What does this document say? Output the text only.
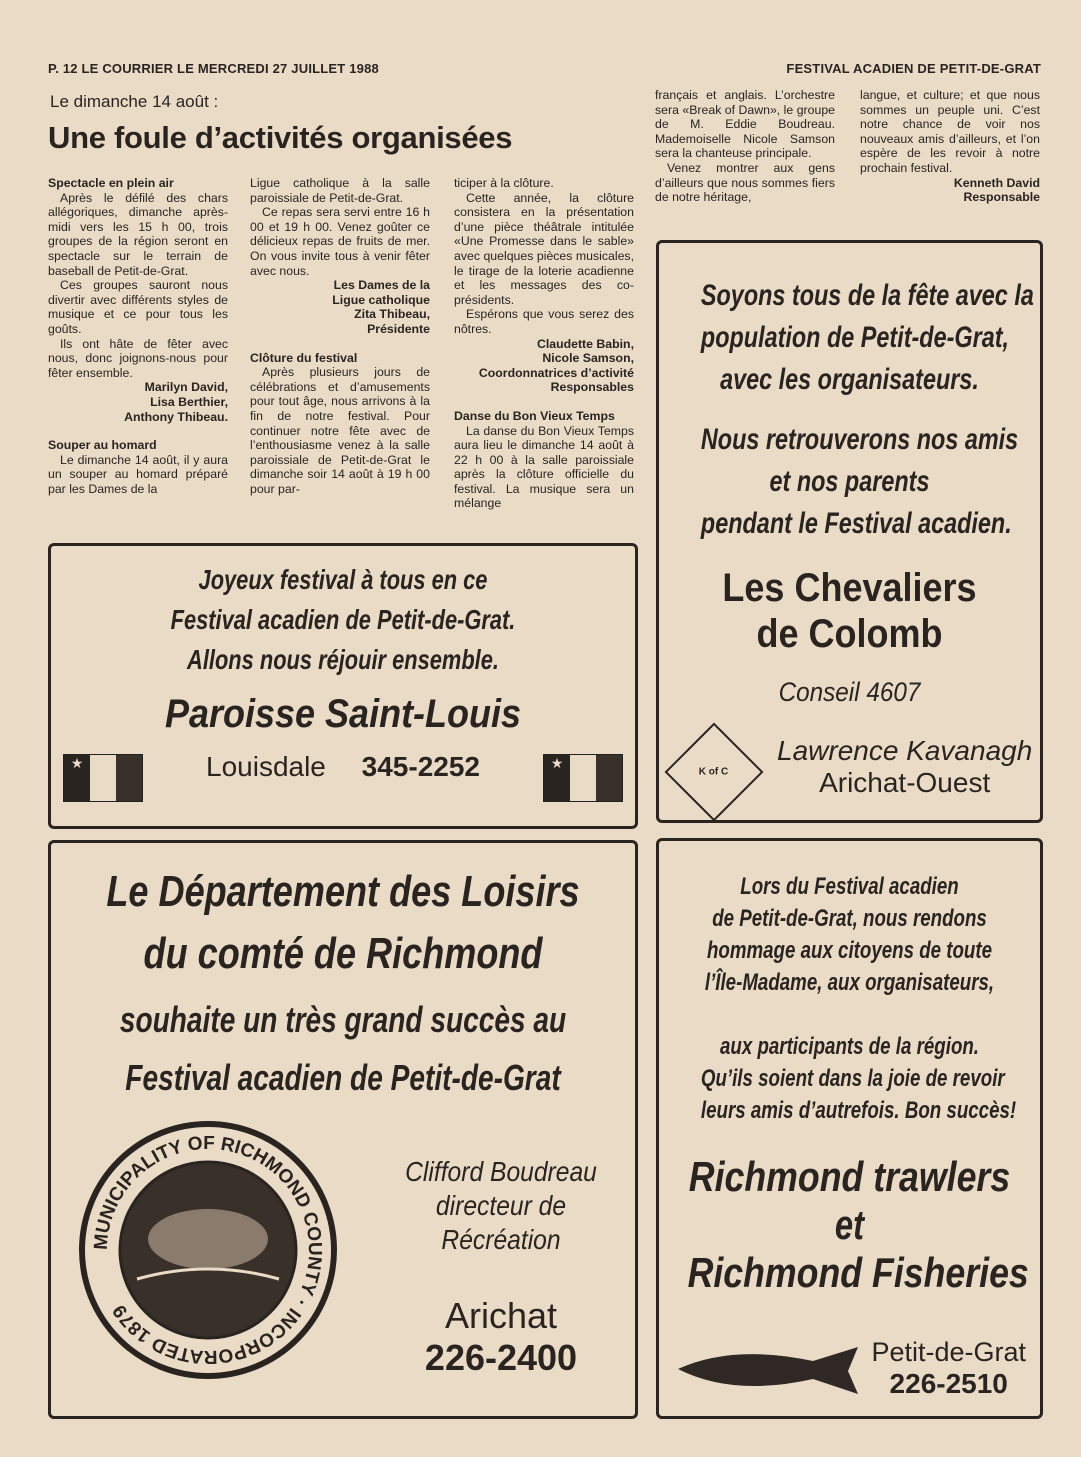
P. 12 LE COURRIER LE MERCREDI 27 JUILLET 1988	FESTIVAL ACADIEN DE PETIT-DE-GRAT
Le dimanche 14 août :
Une foule d’activités organisées
Spectacle en plein air

Après le défilé des chars allégoriques, dimanche après-midi vers les 15 h 00, trois groupes de la région seront en spectacle sur le terrain de baseball de Petit-de-Grat.

Ces groupes sauront nous divertir avec différents styles de musique et ce pour tous les goûts.

Ils ont hâte de fêter avec nous, donc joignons-nous pour fêter ensemble.

Marilyn David,

Lisa Berthier,

Anthony Thibeau.

Souper au homard

Le dimanche 14 août, il y aura un souper au homard préparé par les Dames de la

Ligue catholique à la salle paroissiale de Petit-de-Grat.

Ce repas sera servi entre 16 h 00 et 19 h 00. Venez goûter ce délicieux repas de fruits de mer. On vous invite tous à venir fêter avec nous.

Les Dames de la

Ligue catholique

Zita Thibeau,

Présidente

Clôture du festival

Après plusieurs jours de célébrations et d’amusements pour tout âge, nous arrivons à la fin de notre festival. Pour continuer notre fête avec de l’enthousiasme venez à la salle paroissiale de Petit-de-Grat le dimanche soir 14 août à 19 h 00 pour par-

ticiper à la clôture.

Cette année, la clôture consistera en la présentation d’une pièce théâtrale intitulée «Une Promesse dans le sable» avec quelques pièces musicales, le tirage de la loterie acadienne et les messages des co-présidents.

Espérons que vous serez des nôtres.

Claudette Babin,

Nicole Samson,

Coordonnatrices d’activité

Responsables

Danse du Bon Vieux Temps

La danse du Bon Vieux Temps aura lieu le dimanche 14 août à 22 h 00 à la salle paroissiale après la clôture officielle du festival. La musique sera un mélange

français et anglais. L’orchestre sera «Break of Dawn», le groupe de M. Eddie Boudreau. Mademoiselle Nicole Samson sera la chanteuse principale.

Venez montrer aux gens d’ailleurs que nous sommes fiers de notre héritage,

langue, et culture; et que nous sommes un peuple uni. C’est notre chance de voir nos nouveaux amis d’ailleurs, et l’on espère de les revoir à notre prochain festival.

Kenneth David

Responsable

Joyeux festival à tous en ce
Festival acadien de Petit-de-Grat.
Allons nous réjouir ensemble.
Paroisse Saint-Louis
Louisdale 345-2252
★	★
Soyons tous de la fête avec la
population de Petit-de-Grat,
avec les organisateurs.
Nous retrouverons nos amis
et nos parents
pendant le Festival acadien.
Les Chevaliers
de Colomb
Conseil 4607
K of C
Lawrence Kavanagh
Arichat-Ouest
Le Département des Loisirs
du comté de Richmond
souhaite un très grand succès au
Festival acadien de Petit-de-Grat
MUNICIPALITY OF RICHMOND COUNTY · INCORPORATED 1879
Clifford Boudreau
directeur de
Récréation
Arichat
226-2400
Lors du Festival acadien
de Petit-de-Grat, nous rendons
hommage aux citoyens de toute
l’Île-Madame, aux organisateurs,
aux participants de la région.
Qu’ils soient dans la joie de revoir
leurs amis d’autrefois. Bon succès!
Richmond trawlers
et
Richmond Fisheries
Petit-de-Grat
226-2510
